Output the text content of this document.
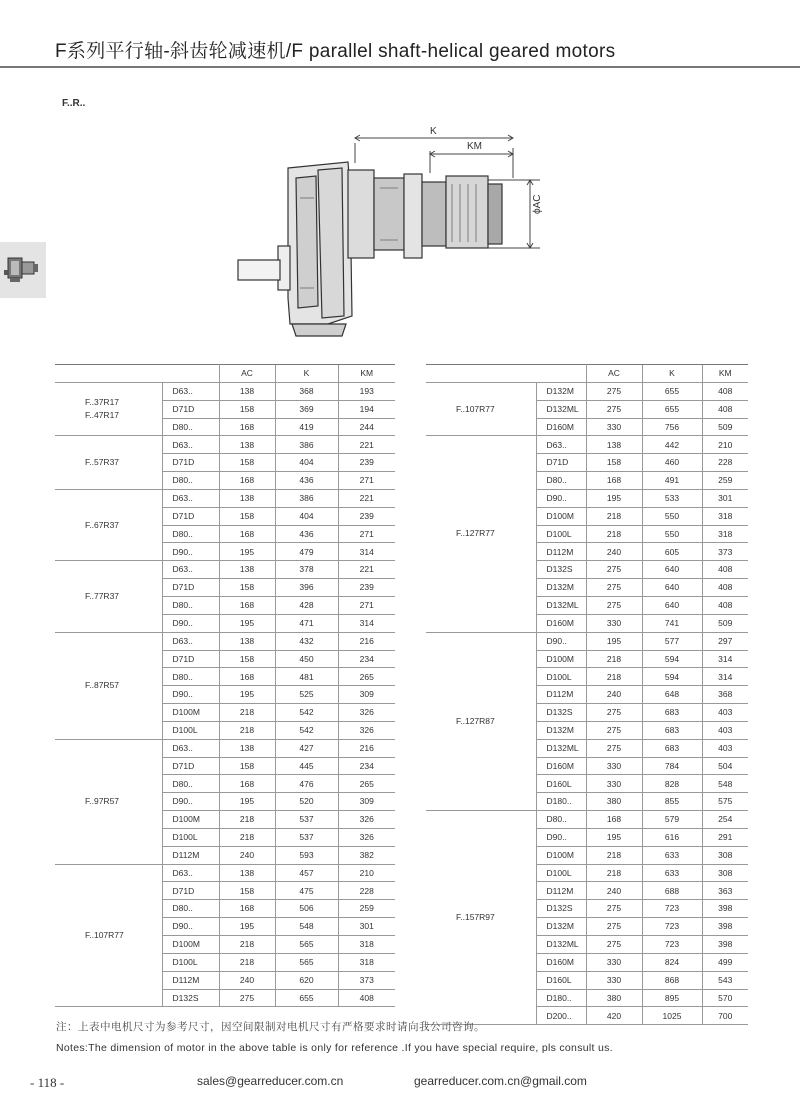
F系列平行轴-斜齿轮减速机/F parallel shaft-helical geared motors
F..R..
K
KM
ϕAC
		AC	K	KM

F..37R17
F..47R17	D63..	138	368	193
	D71D	158	369	194
	D80..	168	419	244

F..57R37	D63..	138	386	221
	D71D	158	404	239
	D80..	168	436	271

F..67R37	D63..	138	386	221
	D71D	158	404	239
	D80..	168	436	271
	D90..	195	479	314

F..77R37	D63..	138	378	221
	D71D	158	396	239
	D80..	168	428	271
	D90..	195	471	314

F..87R57	D63..	138	432	216
	D71D	158	450	234
	D80..	168	481	265
	D90..	195	525	309
	D100M	218	542	326
	D100L	218	542	326

F..97R57	D63..	138	427	216
	D71D	158	445	234
	D80..	168	476	265
	D90..	195	520	309
	D100M	218	537	326
	D100L	218	537	326
	D112M	240	593	382

F..107R77	D63..	138	457	210
	D71D	158	475	228
	D80..	168	506	259
	D90..	195	548	301
	D100M	218	565	318
	D100L	218	565	318
	D112M	240	620	373
	D132S	275	655	408
		AC	K	KM

F..107R77	D132M	275	655	408
	D132ML	275	655	408
	D160M	330	756	509

F..127R77	D63..	138	442	210
	D71D	158	460	228
	D80..	168	491	259
	D90..	195	533	301
	D100M	218	550	318
	D100L	218	550	318
	D112M	240	605	373
	D132S	275	640	408
	D132M	275	640	408
	D132ML	275	640	408
	D160M	330	741	509

F..127R87	D90..	195	577	297
	D100M	218	594	314
	D100L	218	594	314
	D112M	240	648	368
	D132S	275	683	403
	D132M	275	683	403
	D132ML	275	683	403
	D160M	330	784	504
	D160L	330	828	548
	D180..	380	855	575

F..157R97	D80..	168	579	254
	D90..	195	616	291
	D100M	218	633	308
	D100L	218	633	308
	D112M	240	688	363
	D132S	275	723	398
	D132M	275	723	398
	D132ML	275	723	398
	D160M	330	824	499
	D160L	330	868	543
	D180..	380	895	570
	D200..	420	1025	700
注：上表中电机尺寸为参考尺寸，因空间限制对电机尺寸有严格要求时请向我公司咨询。
Notes:The dimension of motor in the above table is only for reference .If you have special require, pls consult us.
- 118 -	sales@gearreducer.com.cn	gearreducer.com.cn@gmail.com
